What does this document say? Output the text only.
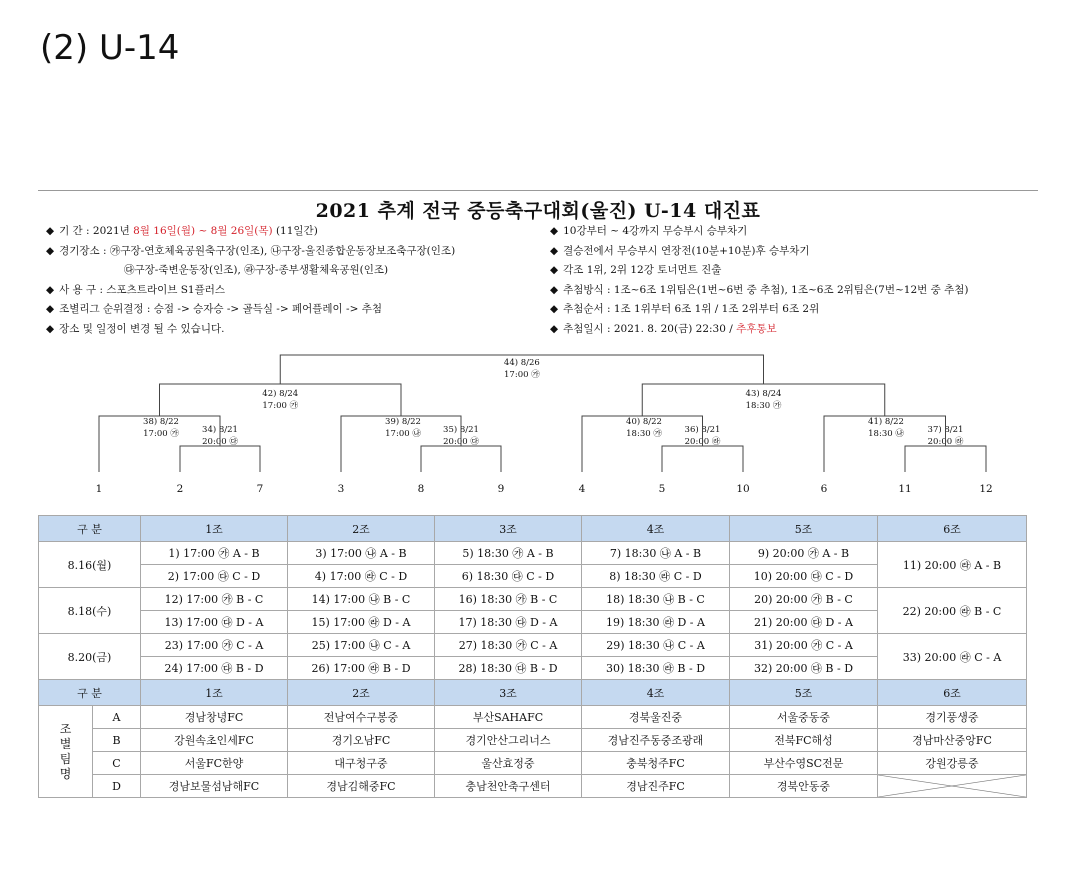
(2) U-14
2021 추계 전국 중등축구대회(울진) U-14 대진표
◆ 기 간 : 2021년 8월 16일(월) ~ 8월 26일(목) (11일간)
◆ 경기장소 : ㉮구장-연호체육공원축구장(인조), ㉯구장-울진종합운동장보조축구장(인조)
㉰구장-죽변운동장(인조), ㉱구장-종부생활체육공원(인조)
◆ 사 용 구 : 스포츠트라이브 S1플러스
◆ 조별리그 순위결정 : 승점 -> 승자승 -> 골득실 -> 페어플레이 -> 추첨
◆ 장소 및 일정이 변경 될 수 있습니다.
◆ 10강부터 ~ 4강까지 무승부시 승부차기
◆ 결승전에서 무승부시 연장전(10분+10분)후 승부차기
◆ 각조 1위, 2위 12강 토너먼트 진출
◆ 추첨방식 : 1조~6조 1위팀은(1번~6번 중 추첨), 1조~6조 2위팀은(7번~12번 중 추첨)
◆ 추첨순서 : 1조 1위부터 6조 1위 / 1조 2위부터 6조 2위
◆ 추첨일시 : 2021. 8. 20(금) 22:30 / 추후통보
34) 8/21
20:00 ㉰
35) 8/21
20:00 ㉰
36) 8/21
20:00 ㉱
37) 8/21
20:00 ㉱
38) 8/22
17:00 ㉮
39) 8/22
17:00 ㉯
40) 8/22
18:30 ㉮
41) 8/22
18:30 ㉯
42) 8/24
17:00 ㉮
43) 8/24
18:30 ㉮
44) 8/26
17:00 ㉮
1	2	7	3	8	9	4	5	10	6	11	12
구 분		1조	2조	3조	4조	5조	6조
8.16(월)		1) 17:00 ㉮ A - B	3) 17:00 ㉯ A - B	5) 18:30 ㉮ A - B	7) 18:30 ㉯ A - B	9) 20:00 ㉮ A - B	11) 20:00 ㉱ A - B
		2) 17:00 ㉰ C - D	4) 17:00 ㉱ C - D	6) 18:30 ㉰ C - D	8) 18:30 ㉱ C - D	10) 20:00 ㉰ C - D	
8.18(수)		12) 17:00 ㉮ B - C	14) 17:00 ㉯ B - C	16) 18:30 ㉮ B - C	18) 18:30 ㉯ B - C	20) 20:00 ㉮ B - C	22) 20:00 ㉱ B - C
		13) 17:00 ㉰ D - A	15) 17:00 ㉱ D - A	17) 18:30 ㉰ D - A	19) 18:30 ㉱ D - A	21) 20:00 ㉰ D - A	
8.20(금)		23) 17:00 ㉮ C - A	25) 17:00 ㉯ C - A	27) 18:30 ㉮ C - A	29) 18:30 ㉯ C - A	31) 20:00 ㉮ C - A	33) 20:00 ㉱ C - A
		24) 17:00 ㉰ B - D	26) 17:00 ㉱ B - D	28) 18:30 ㉰ B - D	30) 18:30 ㉱ B - D	32) 20:00 ㉰ B - D	
구 분		1조	2조	3조	4조	5조	6조
조
별
팀
명	A	경남창녕FC	전남여수구봉중	부산SAHAFC	경북울진중	서울중동중	경기풍생중
	B	강원속초인세FC	경기오남FC	경기안산그리너스	경남진주동중조광래	전북FC해성	경남마산중앙FC
	C	서울FC한양	대구청구중	울산효정중	충북청주FC	부산수영SC전문	강원강릉중
	D	경남보물섬남해FC	경남김해중FC	충남천안축구센터	경남진주FC	경북안동중	
